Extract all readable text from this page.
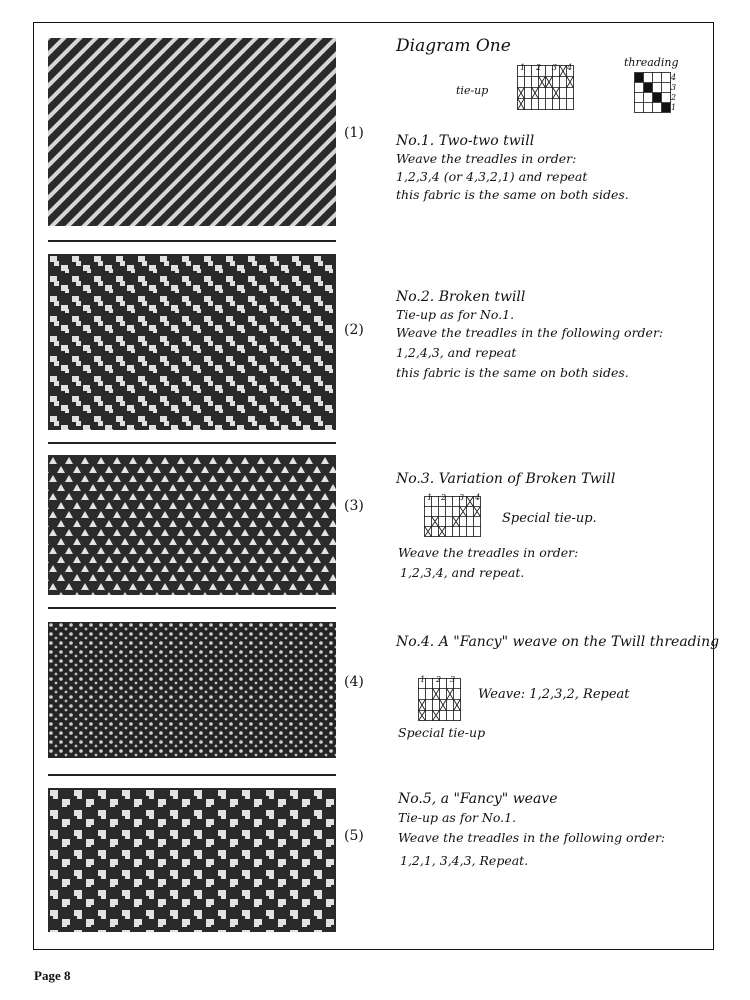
Diagram One
tie-up
1 2 3 4	threading
4
3
2
1
(1) No.1. Two-two twill
Weave the treadles in order:
1,2,3,4 (or 4,3,2,1) and repeat
this fabric is the same on both sides.
(2)
No.2. Broken twill
Tie-up as for No.1.
Weave the treadles in the following order:
1,2,4,3, and repeat
this fabric is the same on both sides.
(3)
No.3. Variation of Broken Twill
1 2 3 4
Special tie-up.
Weave the treadles in order:
1,2,3,4, and repeat.
(4)
No.4. A "Fancy" weave on the Twill threading
1 2 3
Weave: 1,2,3,2, Repeat
Special tie-up
(5)
No.5, a "Fancy" weave
Tie-up as for No.1.
Weave the treadles in the following order:
1,2,1, 3,4,3, Repeat.
Page 8
